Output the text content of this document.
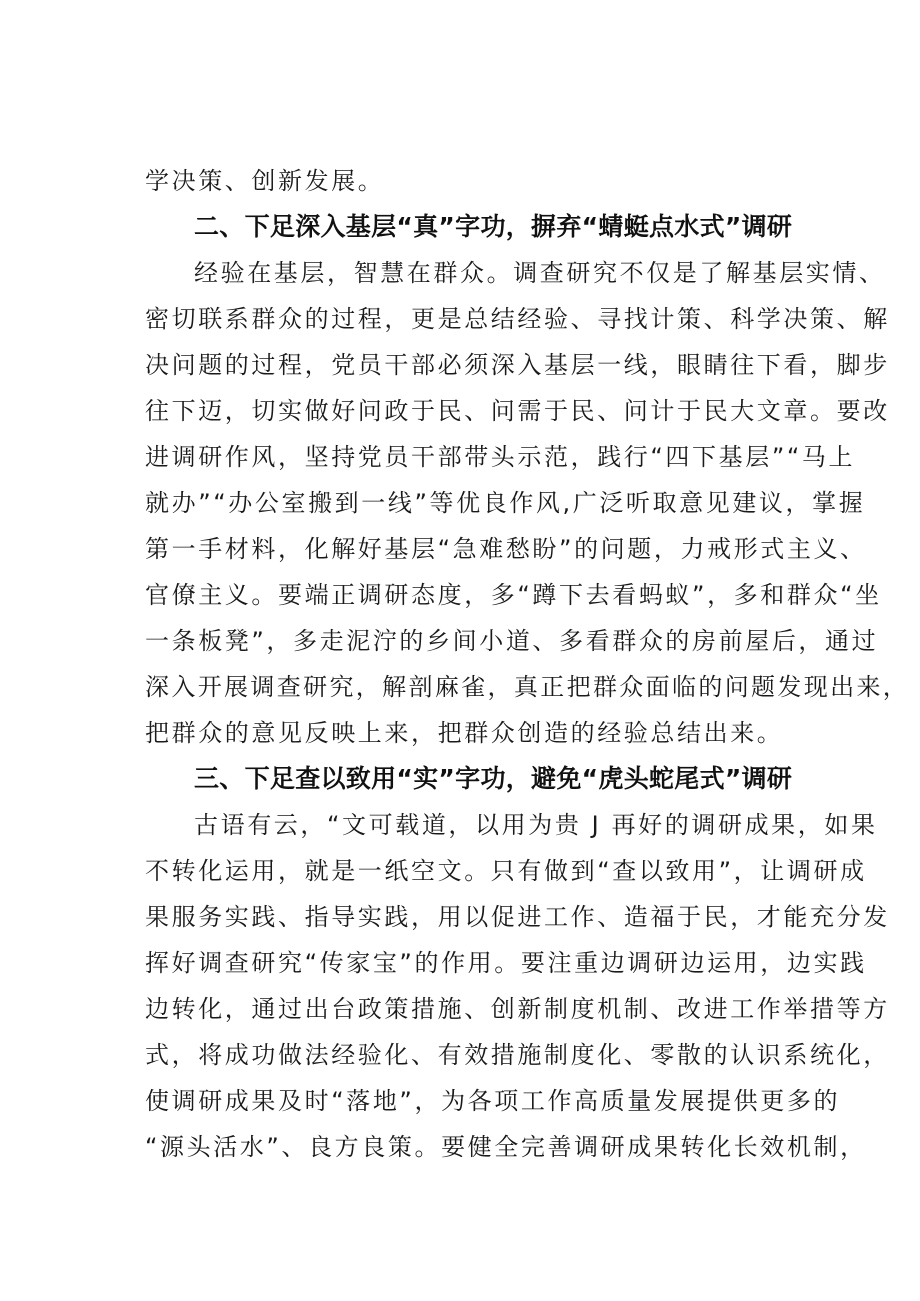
学决策、创新发展。
二、下足深入基层“真”字功，摒弃“蜻蜓点水式”调研
经验在基层，智慧在群众。调查研究不仅是了解基层实情、
密切联系群众的过程，更是总结经验、寻找计策、科学决策、解
决问题的过程，党员干部必须深入基层一线，眼睛往下看，脚步
往下迈，切实做好问政于民、问需于民、问计于民大文章。要改
进调研作风，坚持党员干部带头示范，践行“四下基层”“马上
就办”“办公室搬到一线”等优良作风,广泛听取意见建议，掌握
第一手材料，化解好基层“急难愁盼”的问题，力戒形式主义、
官僚主义。要端正调研态度，多“蹲下去看蚂蚁”，多和群众“坐
一条板凳”，多走泥泞的乡间小道、多看群众的房前屋后，通过
深入开展调查研究，解剖麻雀，真正把群众面临的问题发现出来，
把群众的意见反映上来，把群众创造的经验总结出来。
三、下足查以致用“实”字功，避免“虎头蛇尾式”调研
古语有云，“文可载道，以用为贵 J 再好的调研成果，如果
不转化运用，就是一纸空文。只有做到“查以致用”，让调研成
果服务实践、指导实践，用以促进工作、造福于民，才能充分发
挥好调查研究“传家宝”的作用。要注重边调研边运用，边实践
边转化，通过出台政策措施、创新制度机制、改进工作举措等方
式，将成功做法经验化、有效措施制度化、零散的认识系统化，
使调研成果及时“落地”，为各项工作高质量发展提供更多的
“源头活水”、良方良策。要健全完善调研成果转化长效机制，
